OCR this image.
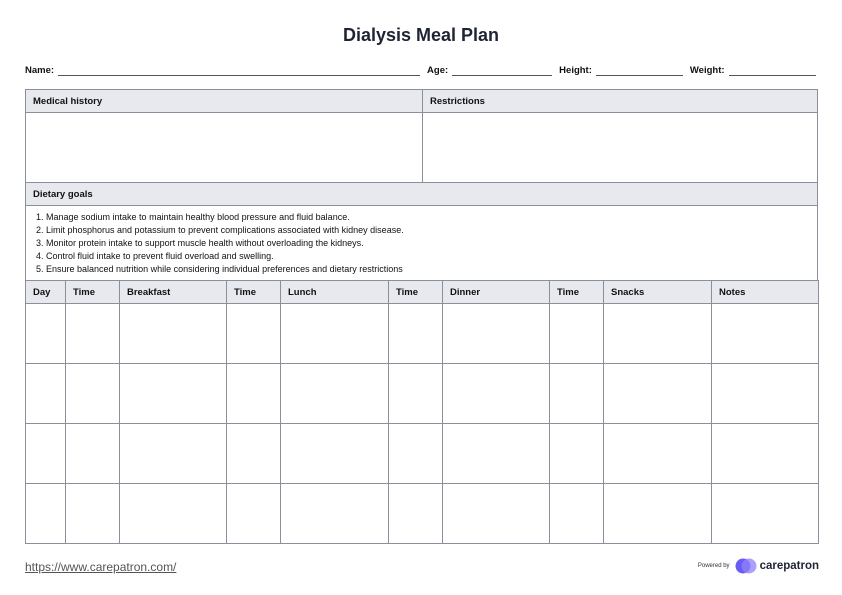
Dialysis Meal Plan
Name:	Age:	Height:	Weight:
Medical history	Restrictions
Dietary goals
1. Manage sodium intake to maintain healthy blood pressure and fluid balance.
2. Limit phosphorus and potassium to prevent complications associated with kidney disease.
3. Monitor protein intake to support muscle health without overloading the kidneys.
4. Control fluid intake to prevent fluid overload and swelling.
5. Ensure balanced nutrition while considering individual preferences and dietary restrictions
Day	Time	Breakfast	Time	Lunch	Time	Dinner	Time	Snacks	Notes

https://www.carepatron.com/	Powered by	carepatron
